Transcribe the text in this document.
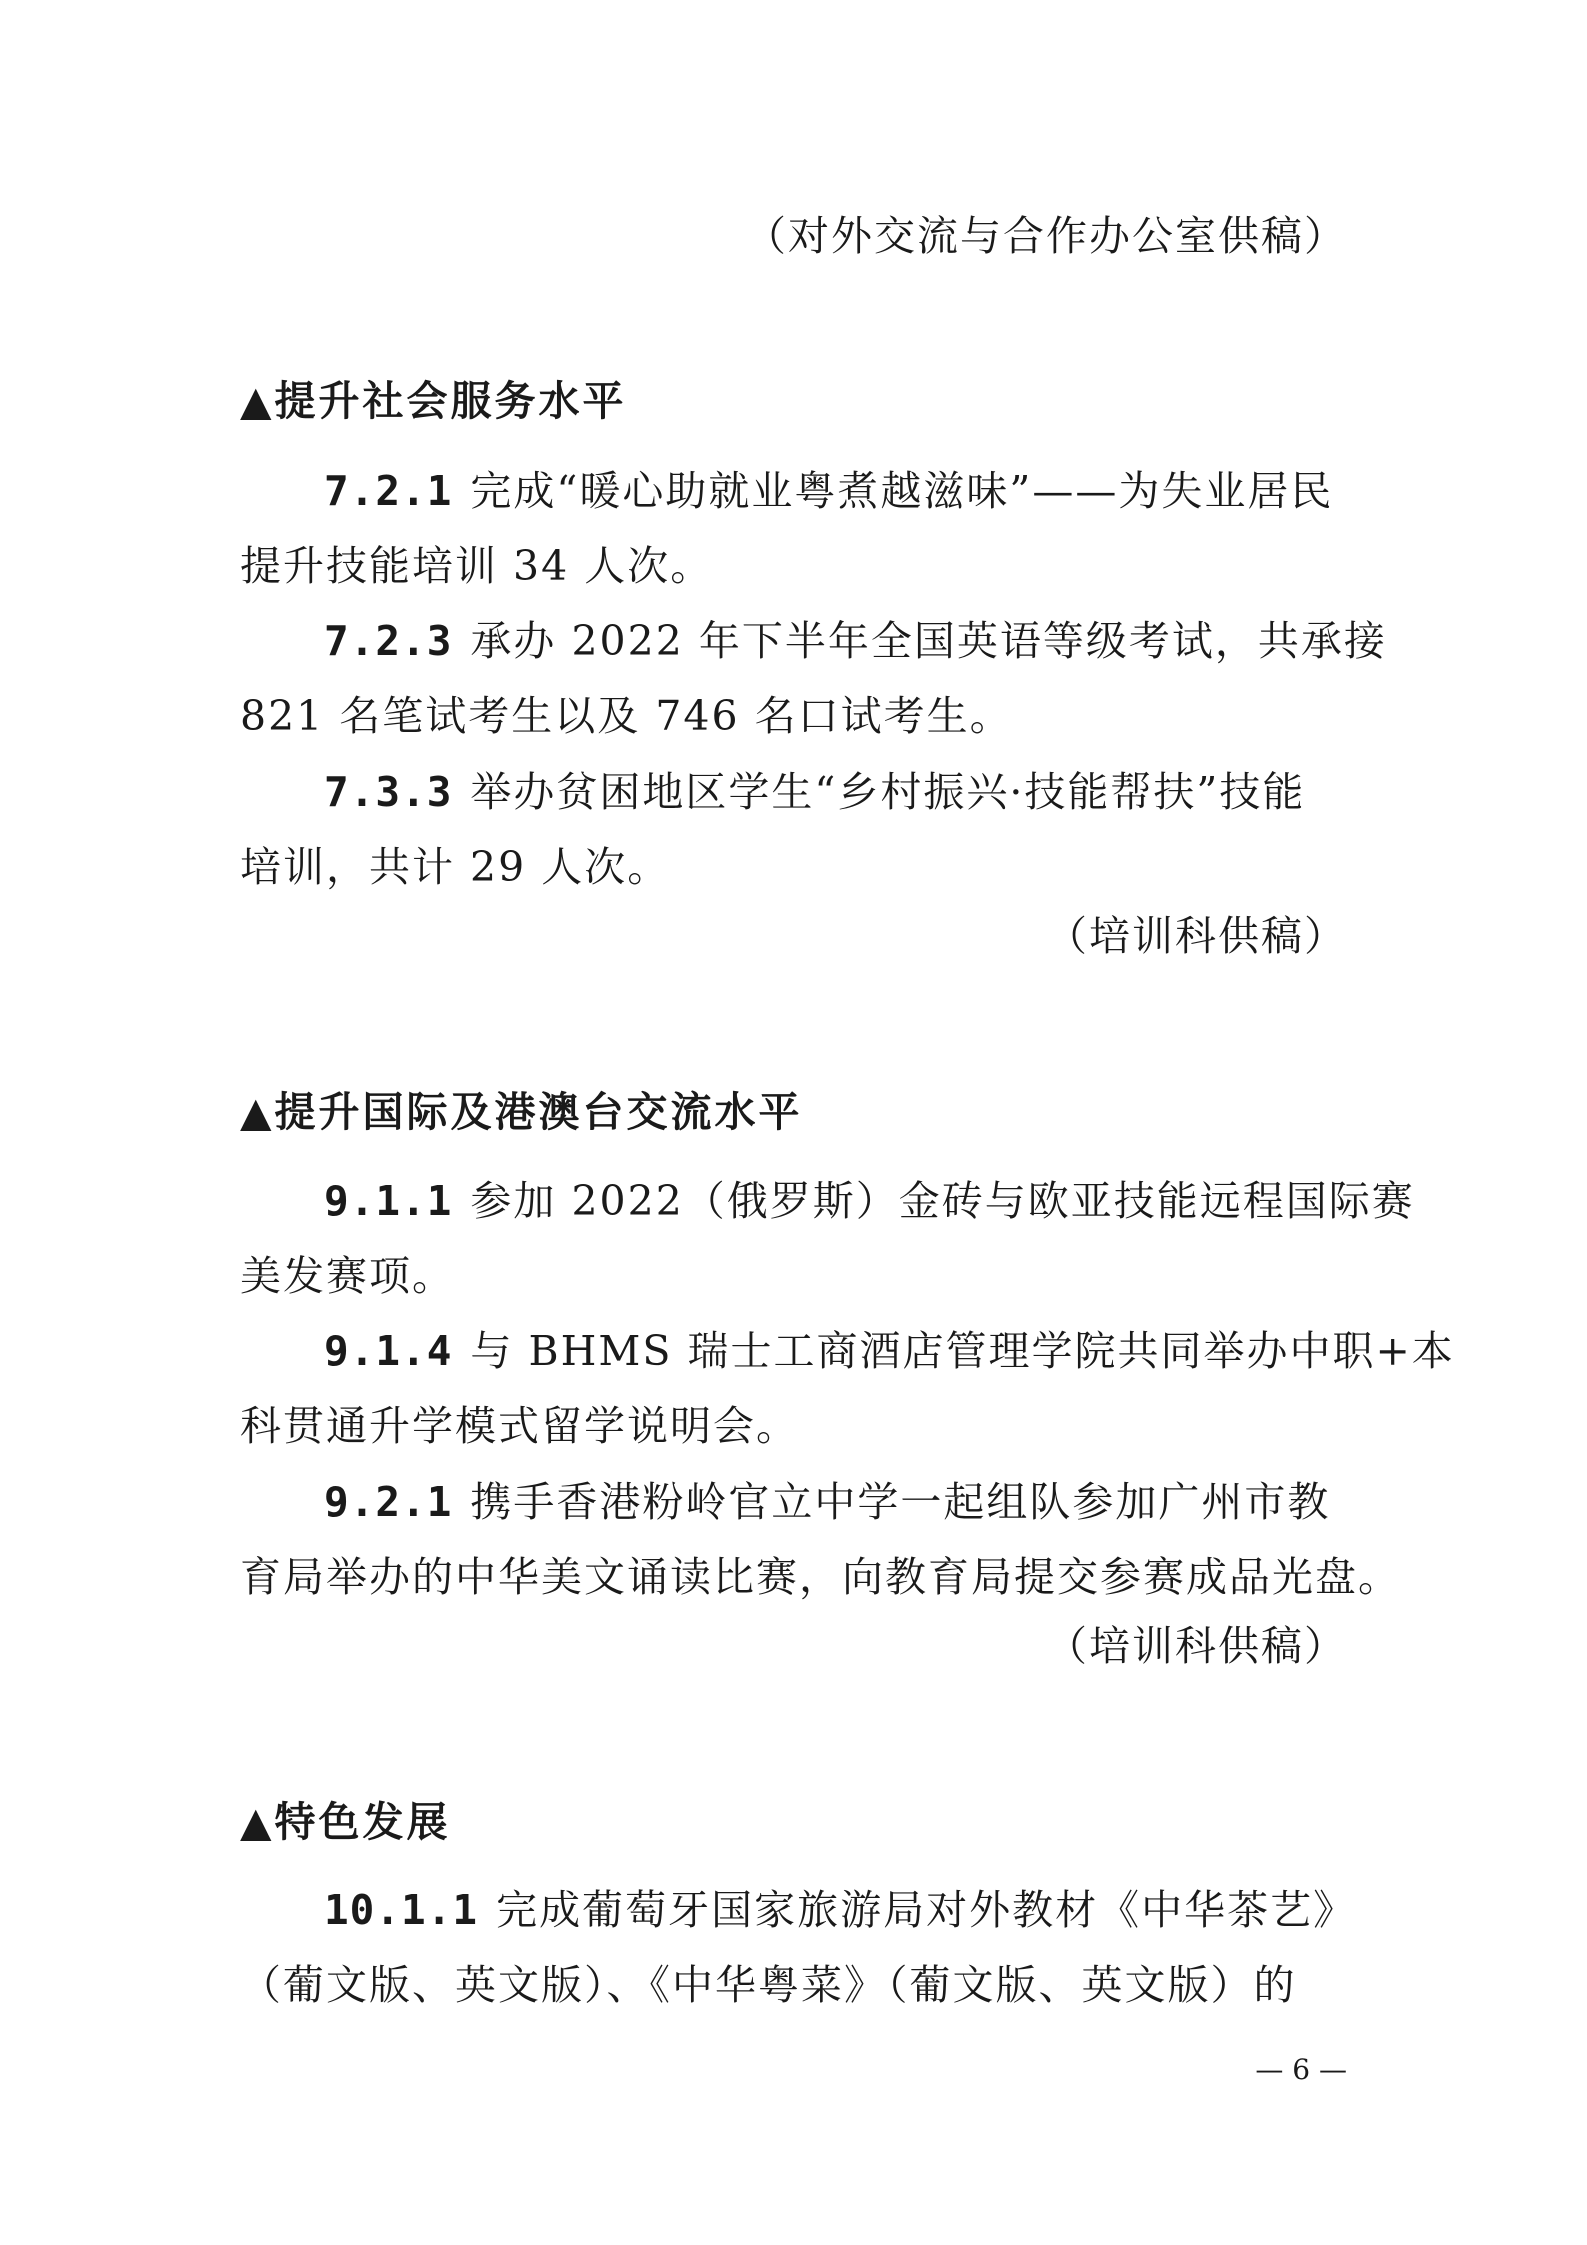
（对外交流与合作办公室供稿）
▲提升社会服务水平
7.2.1 完成“暖心助就业粤煮越滋味”——为失业居民
提升技能培训 34 人次。
7.2.3 承办 2022 年下半年全国英语等级考试，共承接
821 名笔试考生以及 746 名口试考生。
7.3.3 举办贫困地区学生“乡村振兴·技能帮扶”技能
培训，共计 29 人次。
（培训科供稿）
▲提升国际及港澳台交流水平
9.1.1 参加 2022（俄罗斯）金砖与欧亚技能远程国际赛
美发赛项。
9.1.4 与 BHMS 瑞士工商酒店管理学院共同举办中职+本
科贯通升学模式留学说明会。
9.2.1 携手香港粉岭官立中学一起组队参加广州市教
育局举办的中华美文诵读比赛，向教育局提交参赛成品光盘。
（培训科供稿）
▲特色发展
10.1.1 完成葡萄牙国家旅游局对外教材《中华茶艺》
（葡文版、英文版）、《中华粤菜》（葡文版、英文版）的
— 6 —
